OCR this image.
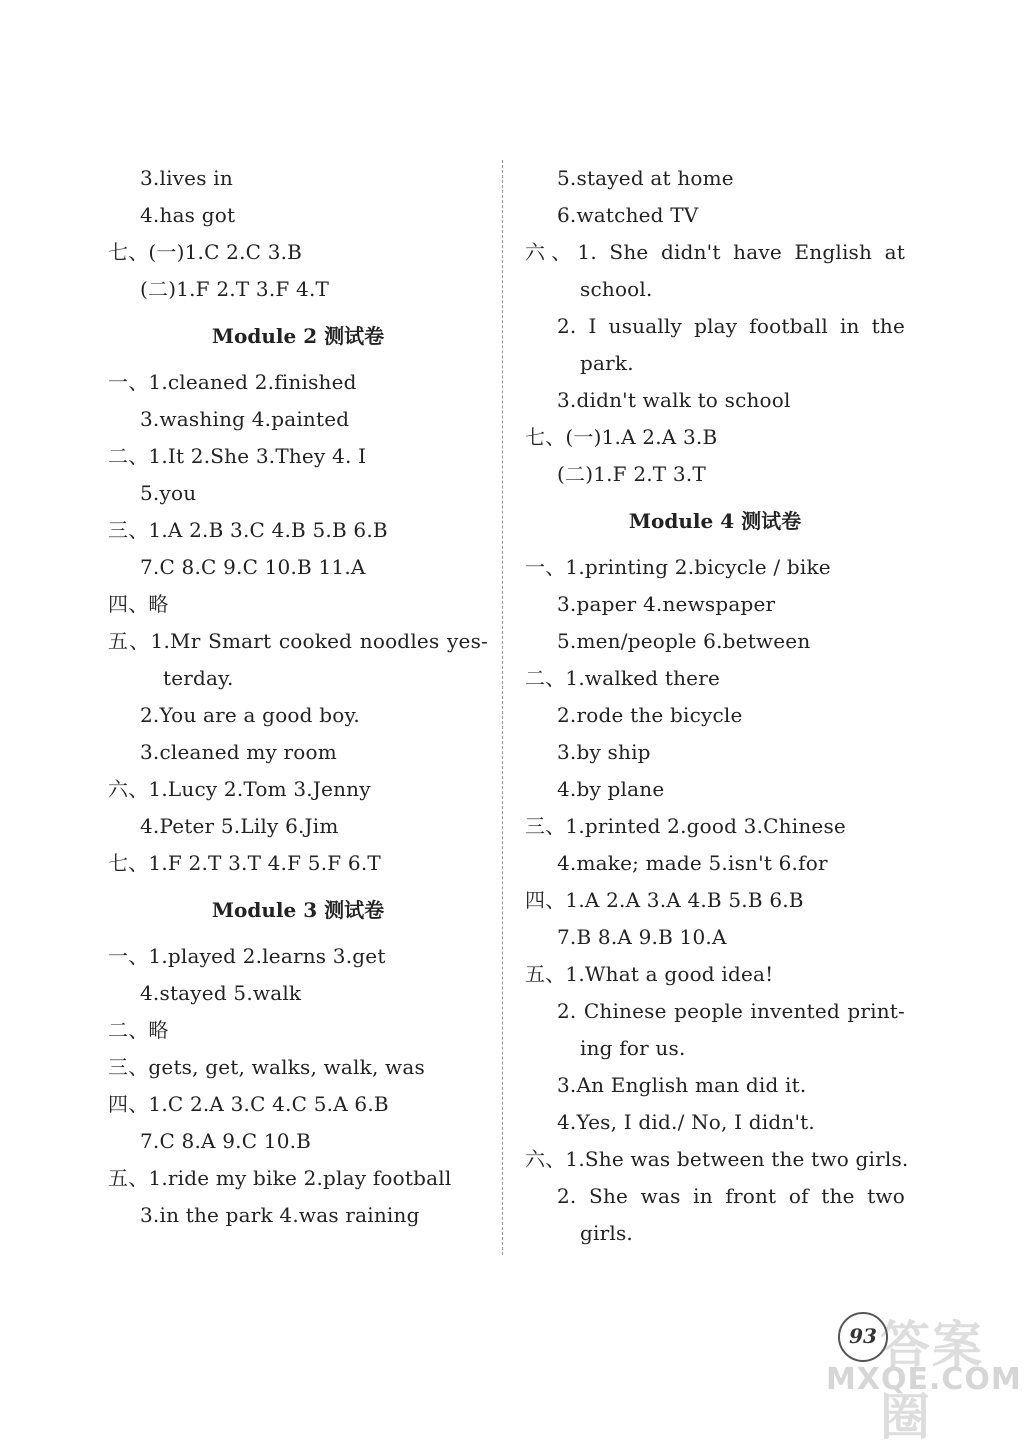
3.lives in
4.has got
七、(一)1.C 2.C 3.B
(二)1.F 2.T 3.F 4.T
Module 2 测试卷
一、1.cleaned 2.finished
3.washing 4.painted
二、1.It 2.She 3.They 4. I
5.you
三、1.A 2.B 3.C 4.B 5.B 6.B
7.C 8.C 9.C 10.B 11.A
四、略
五、1.Mr Smart cooked noodles yes-
terday.
2.You are a good boy.
3.cleaned my room
六、1.Lucy 2.Tom 3.Jenny
4.Peter 5.Lily 6.Jim
七、1.F 2.T 3.T 4.F 5.F 6.T
Module 3 测试卷
一、1.played 2.learns 3.get
4.stayed 5.walk
二、略
三、gets, get, walks, walk, was
四、1.C 2.A 3.C 4.C 5.A 6.B
7.C 8.A 9.C 10.B
五、1.ride my bike 2.play football
3.in the park 4.was raining
5.stayed at home
6.watched TV
六、1. She didn't have English at
school.
2. I usually play football in the
park.
3.didn't walk to school
七、(一)1.A 2.A 3.B
(二)1.F 2.T 3.T
Module 4 测试卷
一、1.printing 2.bicycle / bike
3.paper 4.newspaper
5.men/people 6.between
二、1.walked there
2.rode the bicycle
3.by ship
4.by plane
三、1.printed 2.good 3.Chinese
4.make; made 5.isn't 6.for
四、1.A 2.A 3.A 4.B 5.B 6.B
7.B 8.A 9.B 10.A
五、1.What a good idea!
2. Chinese people invented print-
ing for us.
3.An English man did it.
4.Yes, I did./ No, I didn't.
六、1.She was between the two girls.
2. She was in front of the two
girls.
93 答案圈
MXQE.COM
